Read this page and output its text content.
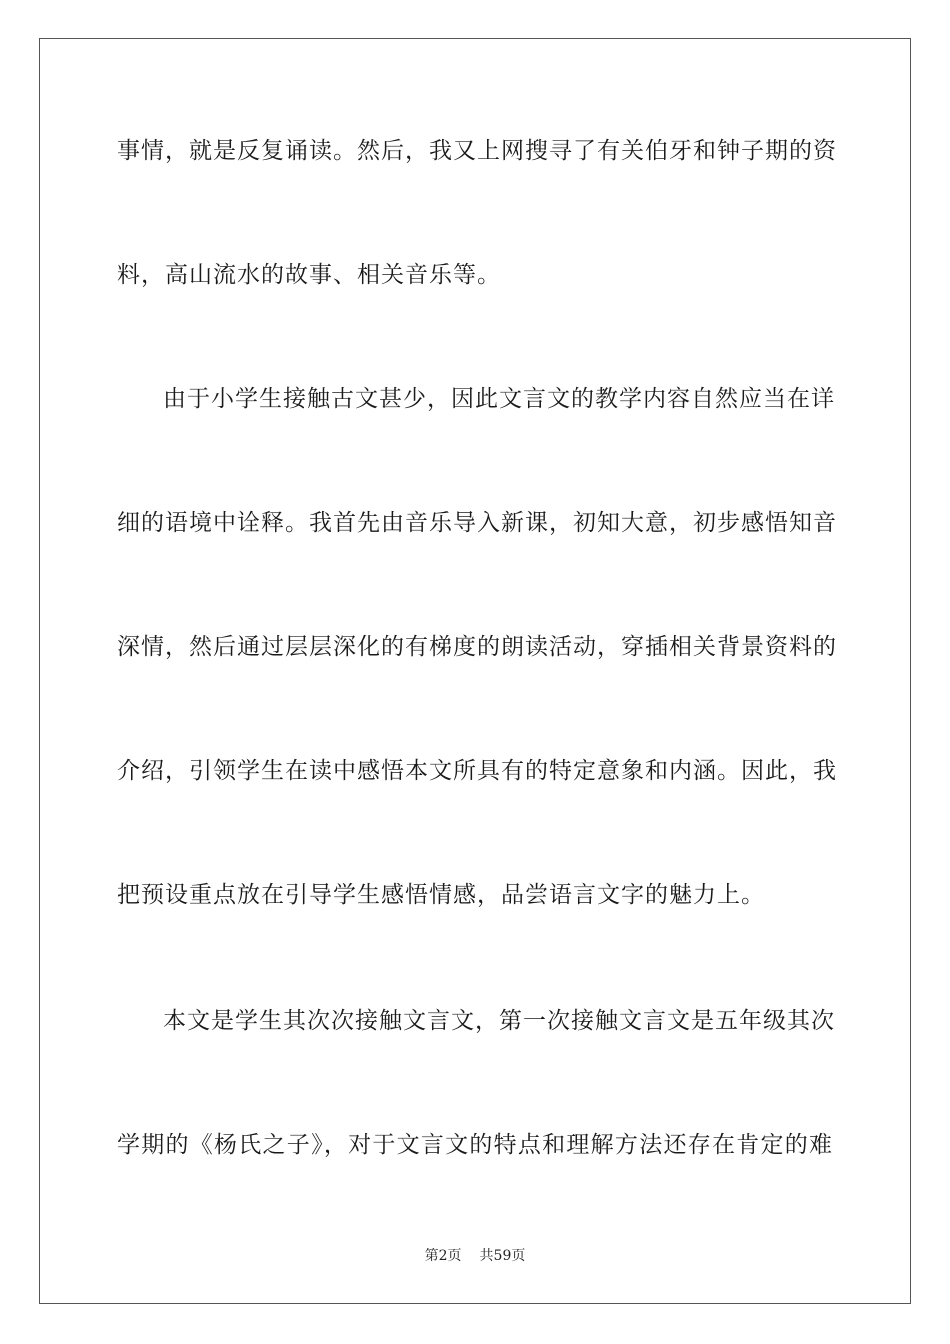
事情，就是反复诵读。然后，我又上网搜寻了有关伯牙和钟子期的资
料，高山流水的故事、相关音乐等。
由于小学生接触古文甚少，因此文言文的教学内容自然应当在详
细的语境中诠释。我首先由音乐导入新课，初知大意，初步感悟知音
深情，然后通过层层深化的有梯度的朗读活动，穿插相关背景资料的
介绍，引领学生在读中感悟本文所具有的特定意象和内涵。因此，我
把预设重点放在引导学生感悟情感，品尝语言文字的魅力上。
本文是学生其次次接触文言文，第一次接触文言文是五年级其次
学期的《杨氏之子》，对于文言文的特点和理解方法还存在肯定的难
第2页 共59页
